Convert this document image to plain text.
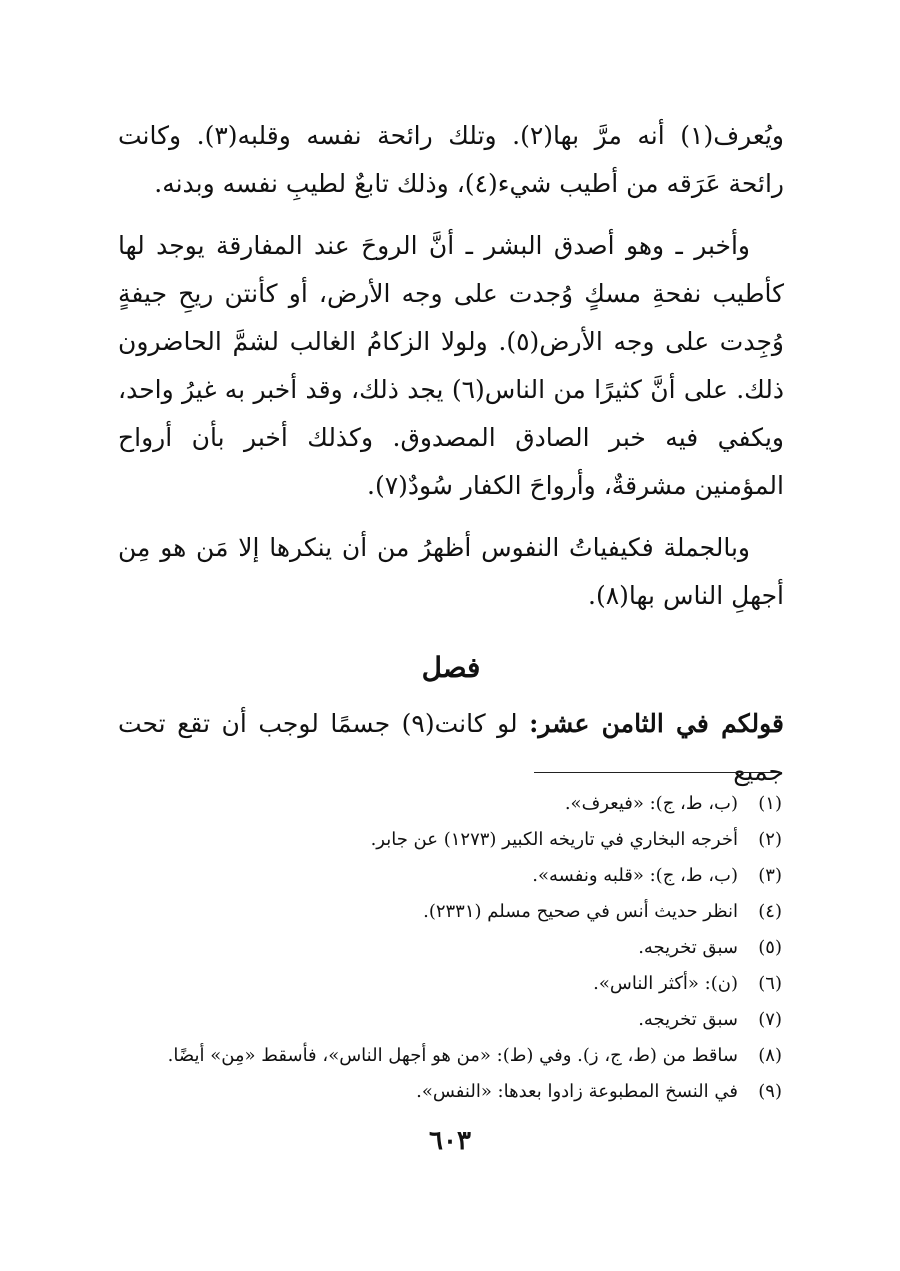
ويُعرف(١) أنه مرَّ بها(٢). وتلك رائحة نفسه وقلبه(٣). وكانت رائحة عَرَقه من أطيب شيء(٤)، وذلك تابعٌ لطيبِ نفسه وبدنه.

وأخبر ـ وهو أصدق البشر ـ أنَّ الروحَ عند المفارقة يوجد لها كأطيب نفحةِ مسكٍ وُجدت على وجه الأرض، أو كأنتن ريحِ جيفةٍ وُجِدت على وجه الأرض(٥). ولولا الزكامُ الغالب لشمَّ الحاضرون ذلك. على أنَّ كثيرًا من الناس(٦) يجد ذلك، وقد أخبر به غيرُ واحد، ويكفي فيه خبر الصادق المصدوق. وكذلك أخبر بأن أرواح المؤمنين مشرقةٌ، وأرواحَ الكفار سُودٌ(٧).

وبالجملة فكيفياتُ النفوس أظهرُ من أن ينكرها إلا مَن هو مِن أجهلِ الناس بها(٨).

فصل

قولكم في الثامن عشر: لو كانت(٩) جسمًا لوجب أن تقع تحت جميع

(١)
(ب، ط، ج): «فيعرف».
(٢)
أخرجه البخاري في تاريخه الكبير (١٢٧٣) عن جابر.
(٣)
(ب، ط، ج): «قلبه ونفسه».
(٤)
انظر حديث أنس في صحيح مسلم (٢٣٣١).
(٥)
سبق تخريجه.
(٦)
(ن): «أكثر الناس».
(٧)
سبق تخريجه.
(٨)
ساقط من (ط، ج، ز). وفي (ط): «من هو أجهل الناس»، فأسقط «مِن» أيضًا.
(٩)
في النسخ المطبوعة زادوا بعدها: «النفس».
٦٠٣
